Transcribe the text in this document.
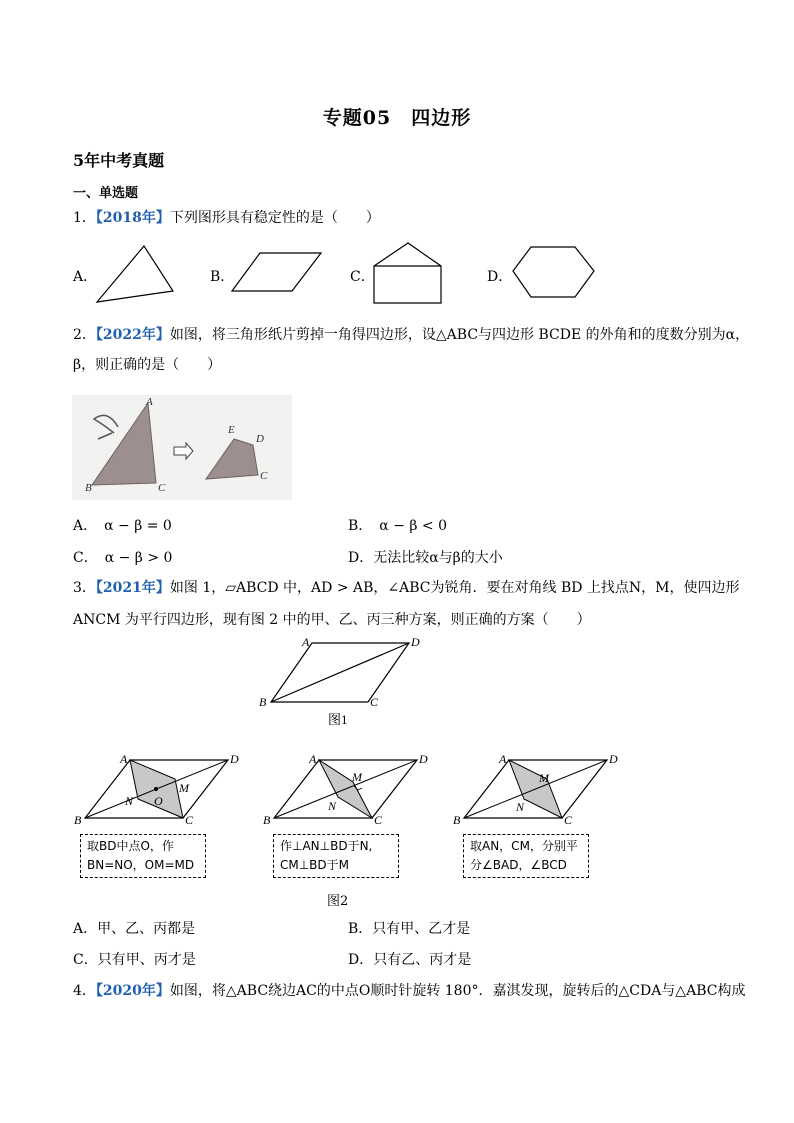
专题05　四边形
5年中考真题
一、单选题
1．【2018年】下列图形具有稳定性的是（　　）
A．	B．	C．	D．
2．【2022年】如图，将三角形纸片剪掉一角得四边形，设△ABC与四边形 BCDE 的外角和的度数分别为α，
β，则正确的是（　　）
A
B	C
E
D
C
A．　α − β = 0	B．　α − β < 0
C．　α − β > 0	D．无法比较α与β的大小
3．【2021年】如图 1，▱ABCD 中，AD > AB，∠ABC为锐角．要在对角线 BD 上找点N，M，使四边形
ANCM 为平行四边形，现有图 2 中的甲、乙、丙三种方案，则正确的方案（　　）
A	D
B	C
图1
A	D
B	C
N
M
O
A	D
B	C
N
M
A	D
B	C
N
M
取BD中点O，作
BN=NO，OM=MD
作⊥AN⊥BD于N,
CM⊥BD于M
取AN，CM，分别平
分∠BAD，∠BCD
图2
A．甲、乙、丙都是	B．只有甲、乙才是
C．只有甲、丙才是	D．只有乙、丙才是
4．【2020年】如图，将△ABC绕边AC的中点O顺时针旋转 180°．嘉淇发现，旋转后的△CDA与△ABC构成
